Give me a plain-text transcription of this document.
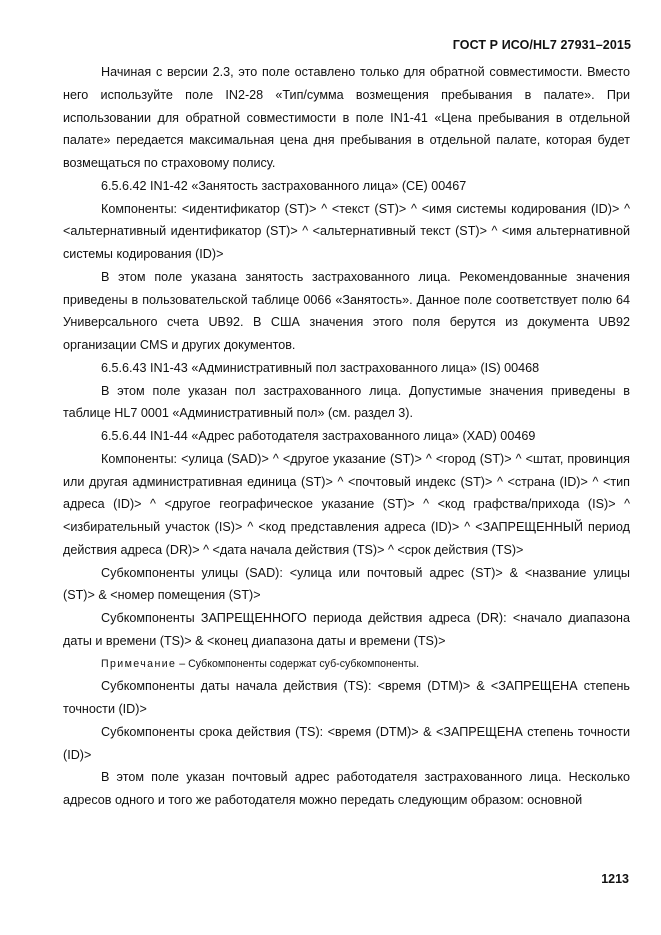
ГОСТ Р ИСО/HL7 27931–2015

Начиная с версии 2.3, это поле оставлено только для обратной совместимости. Вместо него используйте поле IN2-28 «Тип/сумма возмещения пребывания в палате». При использовании для обратной совместимости в поле IN1-41 «Цена пребывания в отдельной палате» передается максимальная цена дня пребывания в отдельной палате, которая будет возмещаться по страховому полису.

6.5.6.42 IN1-42 «Занятость застрахованного лица» (CE) 00467

Компоненты: <идентификатор (ST)> ^ <текст (ST)> ^ <имя системы кодирования (ID)> ^ <альтернативный идентификатор (ST)> ^ <альтернативный текст (ST)> ^ <имя альтернативной системы кодирования (ID)>

В этом поле указана занятость застрахованного лица. Рекомендованные значения приведены в пользовательской таблице 0066 «Занятость». Данное поле соответствует полю 64 Универсального счета UB92. В США значения этого поля берутся из документа UB92 организации CMS и других документов.

6.5.6.43 IN1-43 «Административный пол застрахованного лица» (IS) 00468

В этом поле указан пол застрахованного лица. Допустимые значения приведены в таблице HL7 0001 «Административный пол» (см. раздел 3).

6.5.6.44 IN1-44 «Адрес работодателя застрахованного лица» (XAD) 00469

Компоненты: <улица (SAD)> ^ <другое указание (ST)> ^ <город (ST)> ^ <штат, провинция или другая административная единица (ST)> ^ <почтовый индекс (ST)> ^ <страна (ID)> ^ <тип адреса (ID)> ^ <другое географическое указание (ST)> ^ <код графства/прихода (IS)> ^ <избирательный участок (IS)> ^ <код представления адреса (ID)> ^ <ЗАПРЕЩЕННЫЙ период действия адреса (DR)> ^ <дата начала действия (TS)> ^ <срок действия (TS)>

Субкомпоненты улицы (SAD): <улица или почтовый адрес (ST)> & <название улицы (ST)> & <номер помещения (ST)>

Субкомпоненты ЗАПРЕЩЕННОГО периода действия адреса (DR): <начало диапазона даты и времени (TS)> & <конец диапазона даты и времени (TS)>

Примечание – Субкомпоненты содержат суб-субкомпоненты.

Субкомпоненты даты начала действия (TS): <время (DTM)> & <ЗАПРЕЩЕНА степень точности (ID)>

Субкомпоненты срока действия (TS): <время (DTM)> & <ЗАПРЕЩЕНА степень точности (ID)>

В этом поле указан почтовый адрес работодателя застрахованного лица. Несколько адресов одного и того же работодателя можно передать следующим образом: основной

1213
